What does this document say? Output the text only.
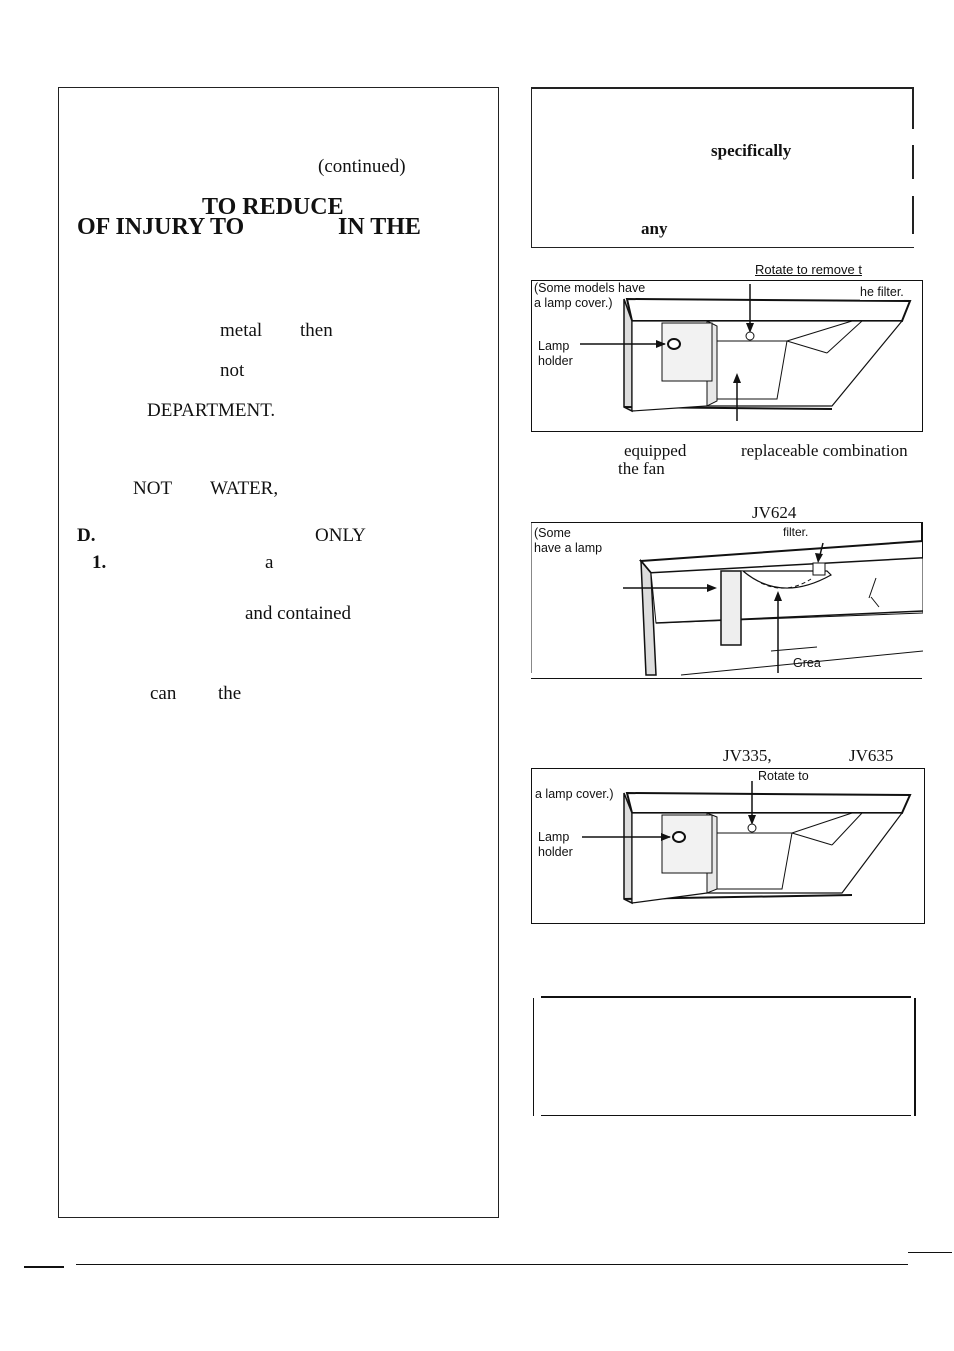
(continued)
TO REDUCE
OF INJURY TO	IN THE
metal then
not
DEPARTMENT.
NOT WATER,
D.	ONLY
1.	a
and contained
can the
specifically
any
Rotate to remove t
(Some models have
a lamp cover.)
he filter.
Lamp
holder
equipped	replaceable combination
the fan
JV624
(Some
have a lamp
filter.
Grea
JV335,	JV635
Rotate to
a lamp cover.)
Lamp
holder
